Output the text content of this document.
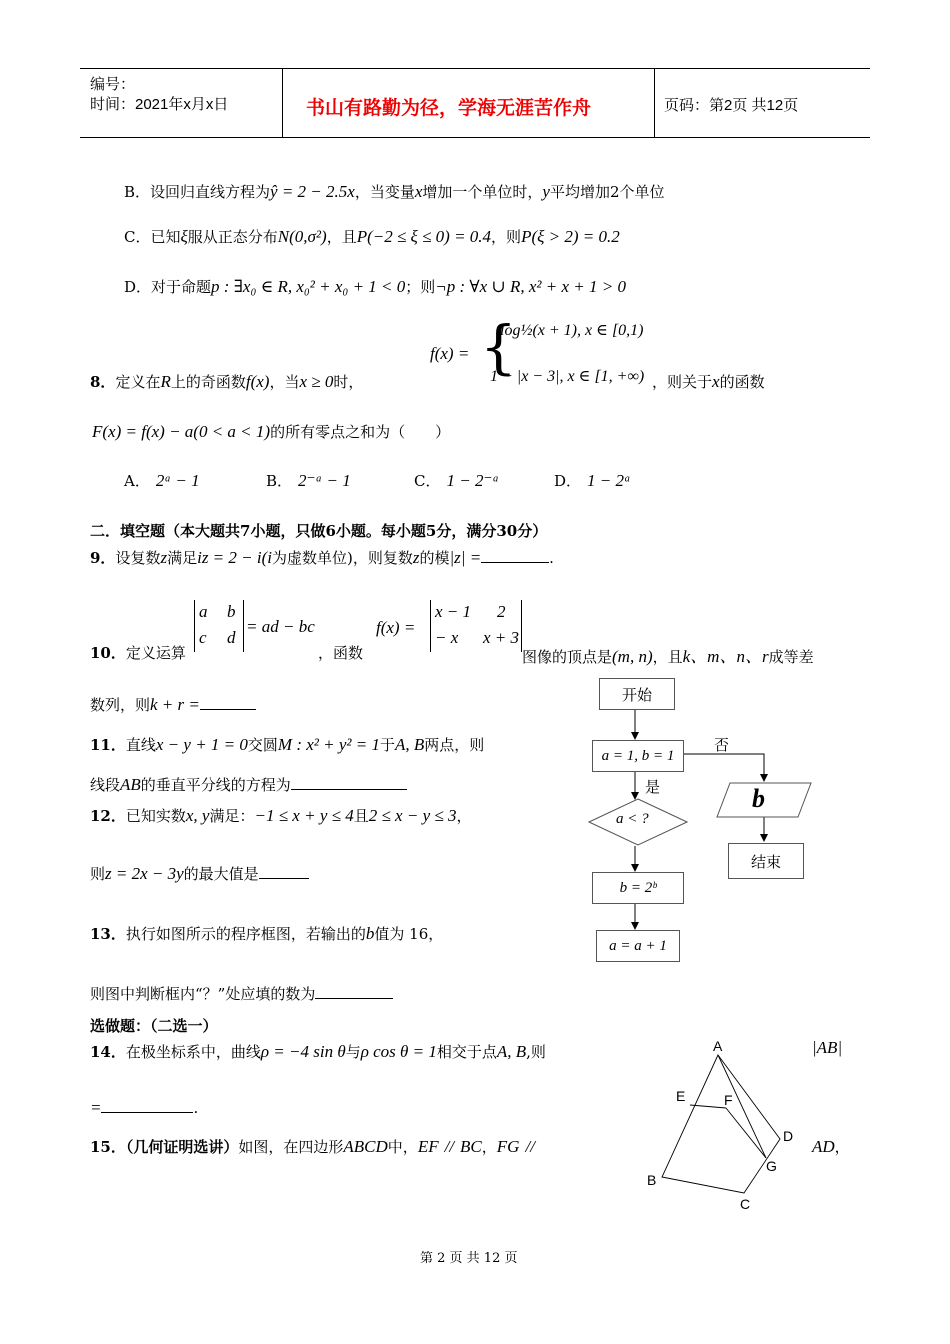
编号：
时间：2021年x月x日	书山有路勤为径，学海无涯苦作舟	页码：第2页 共12页
B．设回归直线方程为ŷ = 2 − 2.5x，当变量x增加一个单位时，y平均增加2个单位
C．已知ξ服从正态分布N(0,σ²)，且P(−2 ≤ ξ ≤ 0) = 0.4，则P(ξ > 2) = 0.2
D．对于命题p : ∃x₀ ∈ R, x₀² + x₀ + 1 < 0；则¬p : ∀x ∪ R, x² + x + 1 > 0
f(x) = {
log½(x + 1), x ∈ [0,1)
1 − |x − 3|, x ∈ [1, +∞)
8．定义在R上的奇函数f(x)，当x ≥ 0时，	，则关于x的函数
F(x) = f(x) − a(0 < a < 1)的所有零点之和为（　　）
A． 2ᵃ − 1	B． 2⁻ᵃ − 1	C． 1 − 2⁻ᵃ	D． 1 − 2ᵃ
二．填空题（本大题共7小题，只做6小题。每小题5分，满分30分）
9．设复数z满足iz = 2 − i(i为虚数单位)，则复数z的模|z| =	.
a b
c d
= ad − bc	f(x) =
x − 1 2
− x x + 3
10．定义运算	，函数	图像的顶点是(m, n)，且k、m、n、r成等差
数列，则k + r =
11．直线x − y + 1 = 0交圆M : x² + y² = 1于A, B两点，则
线段AB的垂直平分线的方程为
12．已知实数x, y满足：−1 ≤ x + y ≤ 4且2 ≤ x − y ≤ 3，
则z = 2x − 3y的最大值是
13．执行如图所示的程序框图，若输出的b值为 16，
则图中判断框内“？”处应填的数为
开始
a = 1, b = 1
是
否
a < ?
b = 2ᵇ
a = a + 1
b
结束
选做题：（二选一）
14．在极坐标系中，曲线ρ = −4 sin θ与ρ cos θ = 1相交于点A, B,则	|AB|
=	.
15．（几何证明选讲）如图，在四边形ABCD中，EF // BC，FG //	AD，
A
B
C
D
E	F
G
第 2 页 共 12 页
